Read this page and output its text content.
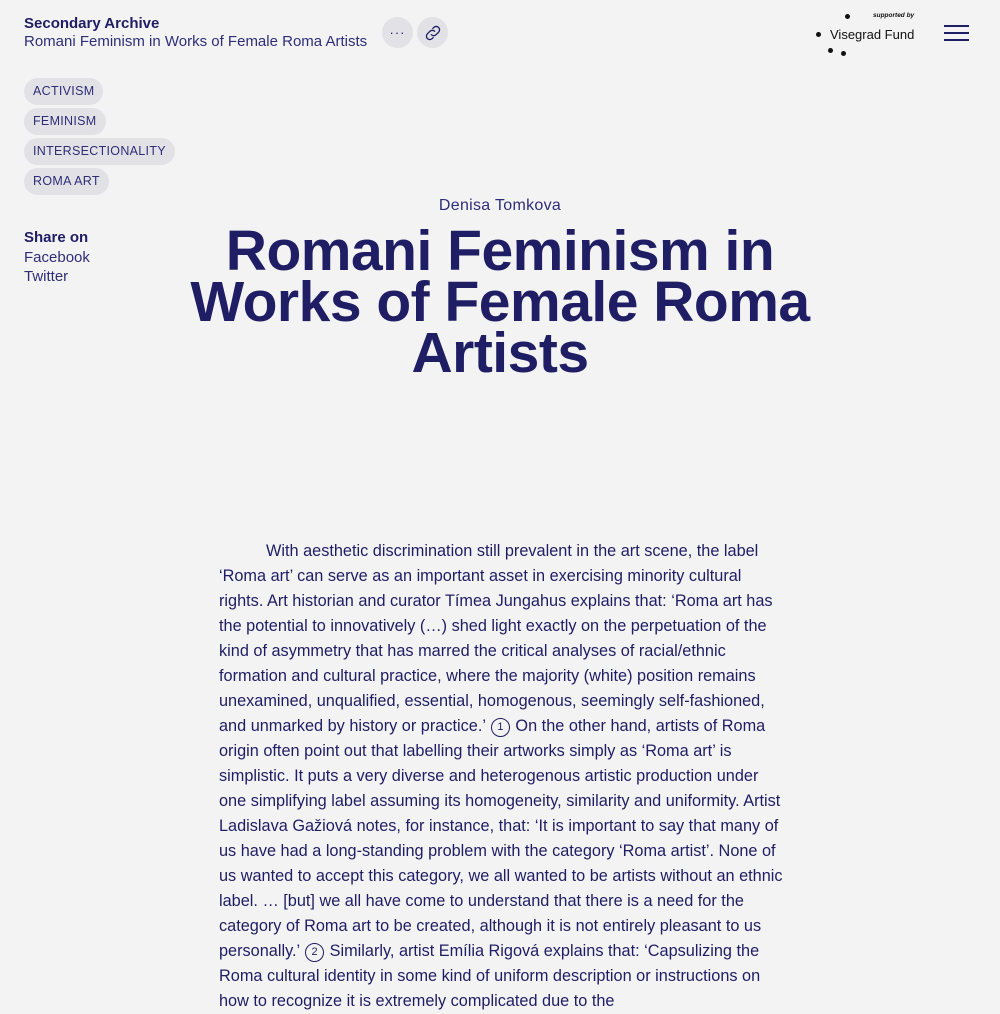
Secondary Archive
Romani Feminism in Works of Female Roma Artists
···
supported by
Visegrad Fund
ACTIVISM
FEMINISM
INTERSECTIONALITY
ROMA ART
Share on
Facebook
Twitter
Denisa Tomkova
Romani Feminism in Works of Female Roma Artists

With aesthetic discrimination still prevalent in the art scene, the label ‘Roma art’ can serve as an important asset in exercising minority cultural rights. Art historian and curator Tímea Jungahus explains that: ‘Roma art has the potential to innovatively (…) shed light exactly on the perpetuation of the kind of asymmetry that has marred the critical analyses of racial/ethnic formation and cultural practice, where the majority (white) position remains unexamined, unqualified, essential, homogenous, seemingly self-fashioned, and unmarked by history or practice.’ 1 On the other hand, artists of Roma origin often point out that labelling their artworks simply as ‘Roma art’ is simplistic. It puts a very diverse and heterogenous artistic production under one simplifying label assuming its homogeneity, similarity and uniformity. Artist Ladislava Gažiová notes, for instance, that: ‘It is important to say that many of us have had a long-standing problem with the category ‘Roma artist’. None of us wanted to accept this category, we all wanted to be artists without an ethnic label. … [but] we all have come to understand that there is a need for the category of Roma art to be created, although it is not entirely pleasant to us personally.’ 2 Similarly, artist Emília Rigová explains that: ‘Capsulizing the Roma cultural identity in some kind of uniform description or instructions on how to recognize it is extremely complicated due to the
